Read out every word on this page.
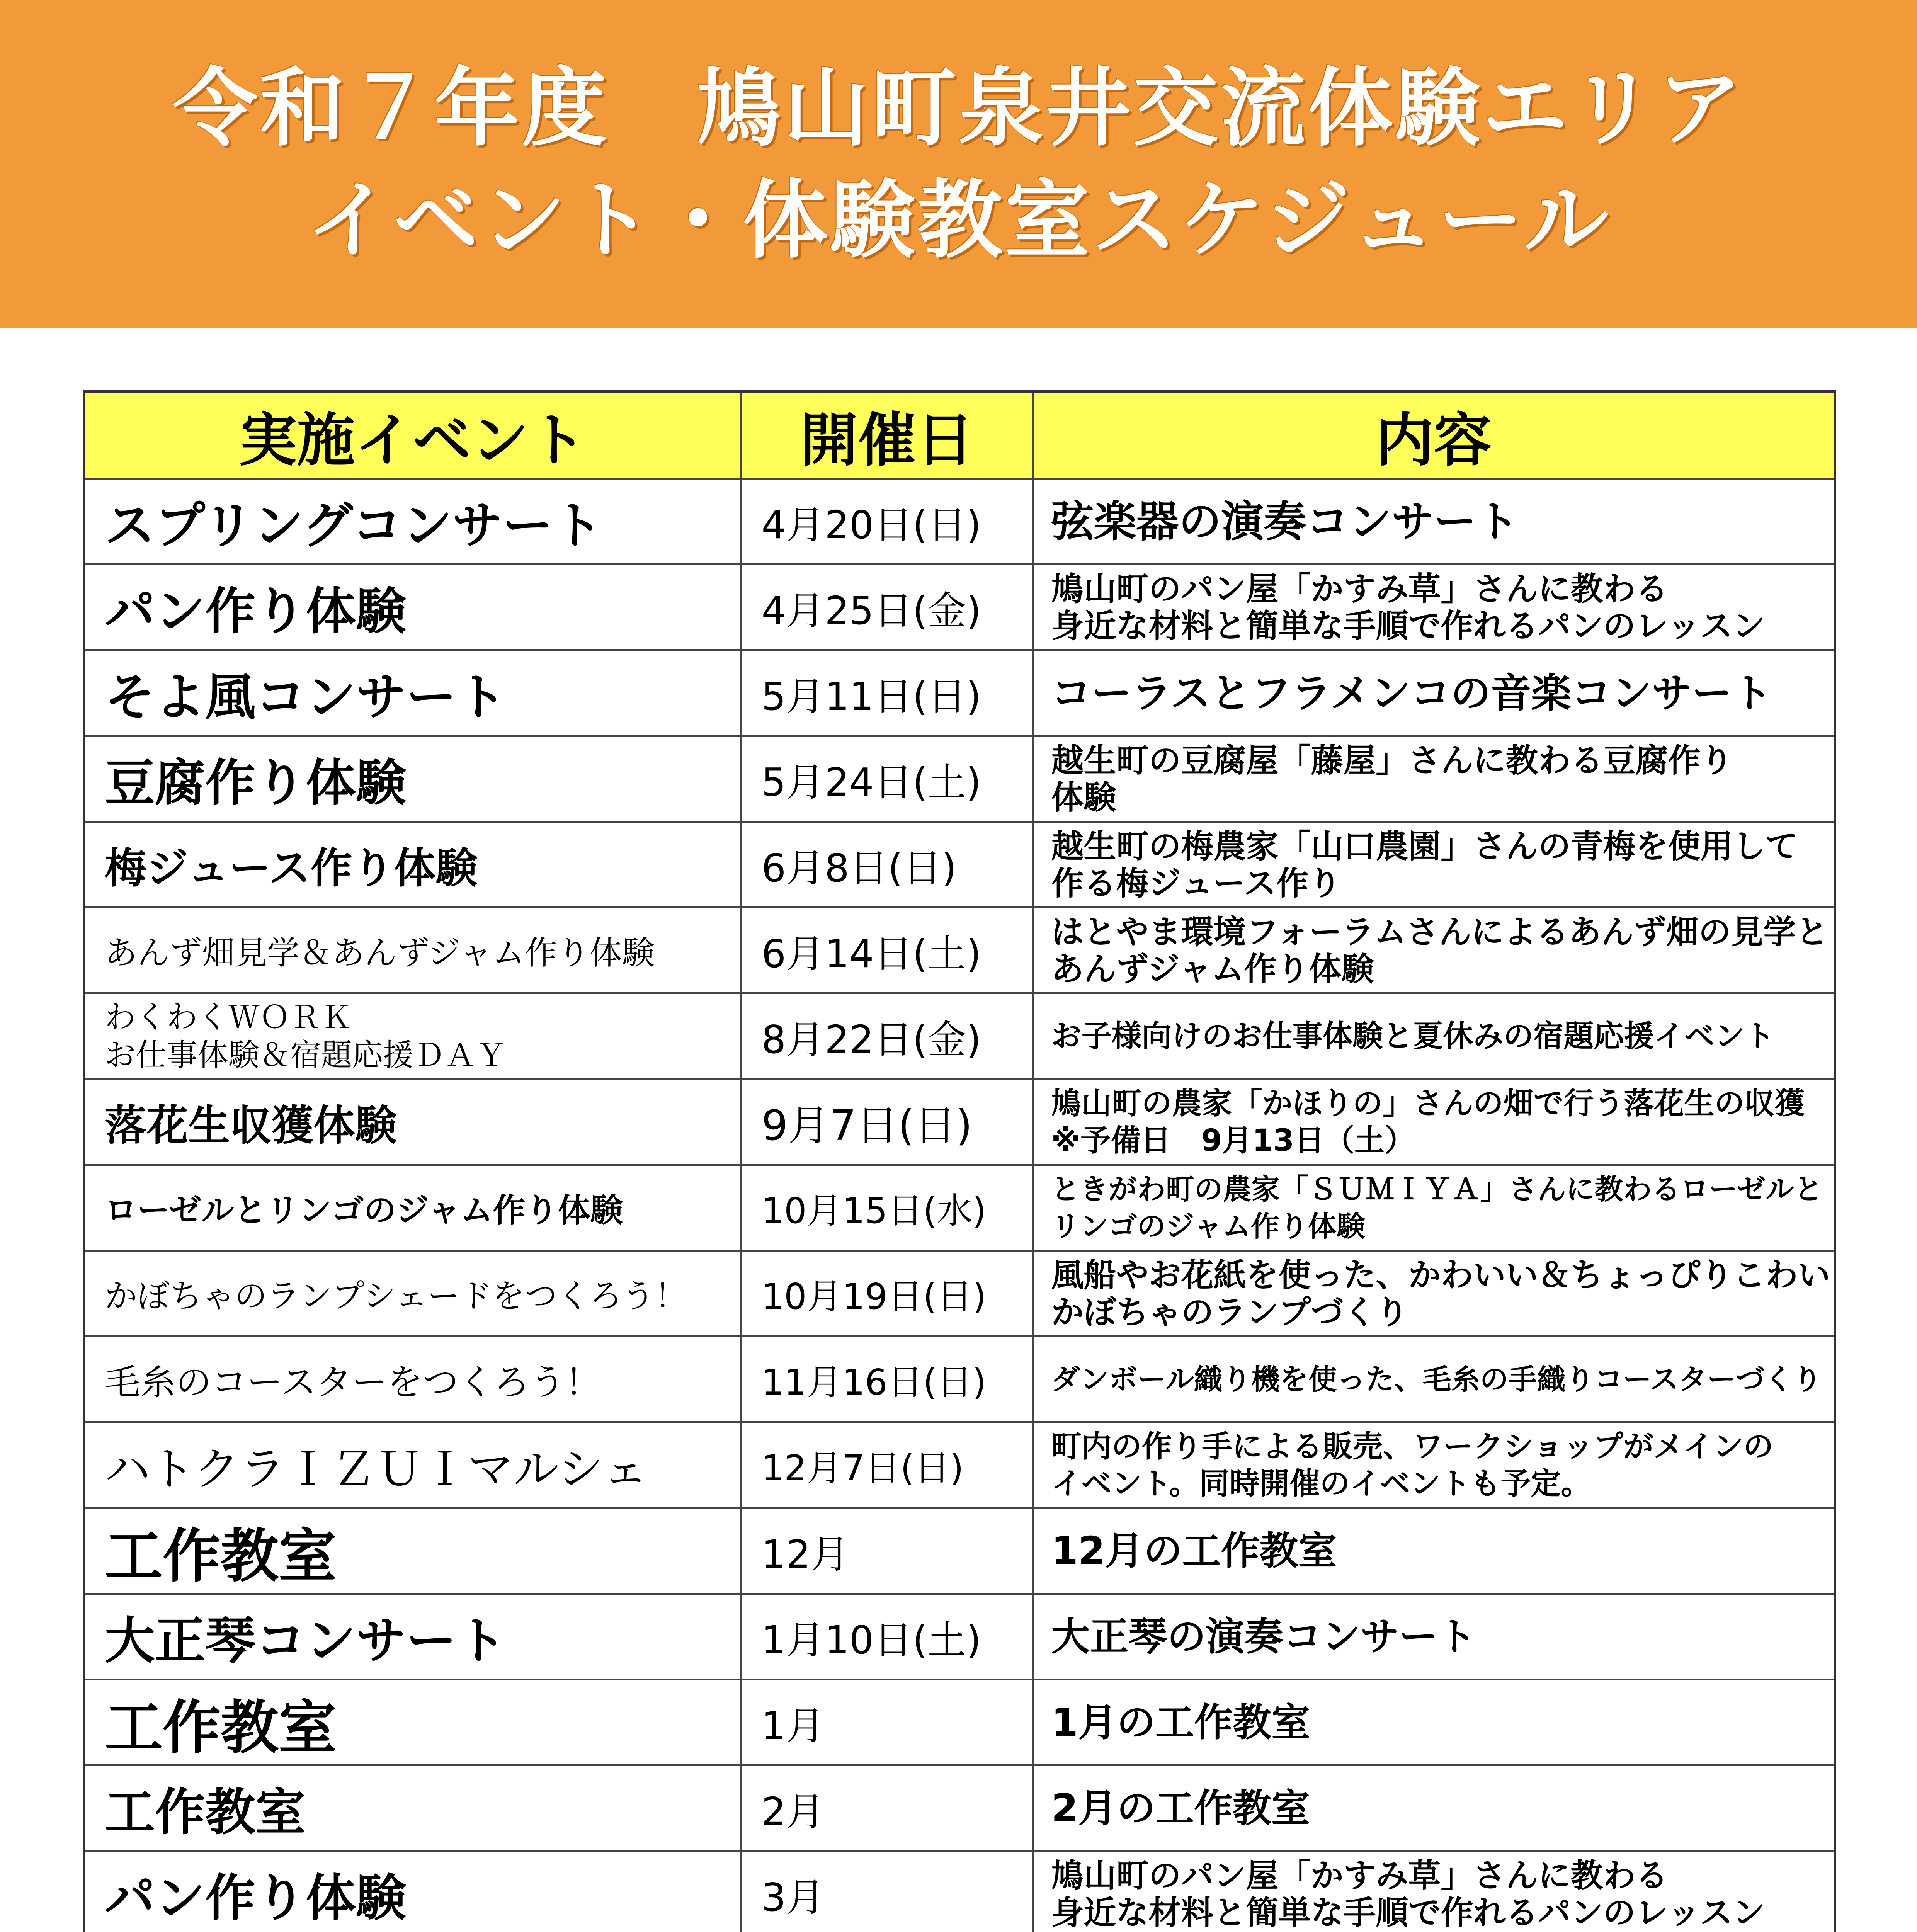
令和７年度　鳩山町泉井交流体験エリア
イベント・体験教室スケジュール
実施イベント	開催日	内容
スプリングコンサート	4月20日(日)	弦楽器の演奏コンサート
パン作り体験	4月25日(金)	鳩山町のパン屋「かすみ草」さんに教わる
身近な材料と簡単な手順で作れるパンのレッスン
そよ風コンサート	5月11日(日)	コーラスとフラメンコの音楽コンサート
豆腐作り体験	5月24日(土)	越生町の豆腐屋「藤屋」さんに教わる豆腐作り
体験
梅ジュース作り体験	6月8日(日)	越生町の梅農家「山口農園」さんの青梅を使用して
作る梅ジュース作り
あんず畑見学＆あんずジャム作り体験	6月14日(土)	はとやま環境フォーラムさんによるあんず畑の見学と
あんずジャム作り体験
わくわくＷＯＲＫ
お仕事体験＆宿題応援ＤＡＹ	8月22日(金)	お子様向けのお仕事体験と夏休みの宿題応援イベント
落花生収獲体験	9月7日(日)	鳩山町の農家「かほりの」さんの畑で行う落花生の収獲
※予備日　9月13日（土）
ローゼルとリンゴのジャム作り体験	10月15日(水)	ときがわ町の農家「ＳＵＭＩＹＡ」さんに教わるローゼルと
リンゴのジャム作り体験
かぼちゃのランプシェードをつくろう！	10月19日(日)	風船やお花紙を使った、かわいい＆ちょっぴりこわい
かぼちゃのランプづくり
毛糸のコースターをつくろう！	11月16日(日)	ダンボール織り機を使った、毛糸の手織りコースターづくり
ハトクラＩＺＵＩマルシェ	12月7日(日)	町内の作り手による販売、ワークショップがメインの
イベント。同時開催のイベントも予定。
工作教室	12月	12月の工作教室
大正琴コンサート	1月10日(土)	大正琴の演奏コンサート
工作教室	1月	1月の工作教室
工作教室	2月	2月の工作教室
パン作り体験	3月	鳩山町のパン屋「かすみ草」さんに教わる
身近な材料と簡単な手順で作れるパンのレッスン
